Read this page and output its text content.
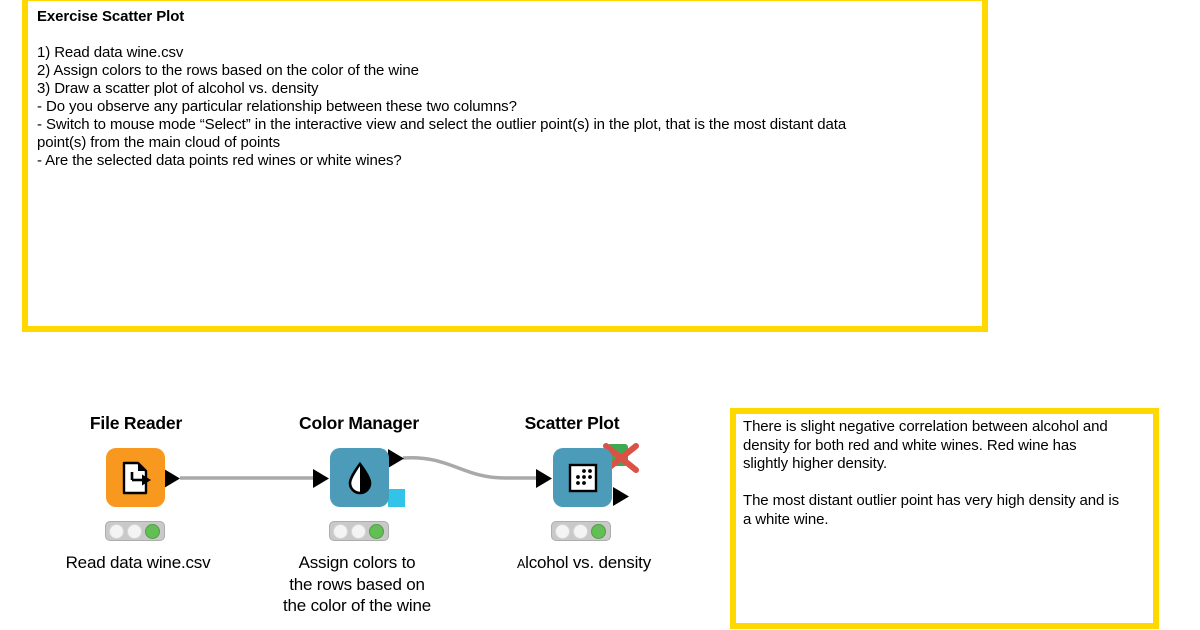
Exercise Scatter Plot
1) Read data wine.csv
2) Assign colors to the rows based on the color of the wine
3) Draw a scatter plot of alcohol vs. density
- Do you observe any particular relationship between these two columns?
- Switch to mouse mode “Select” in the interactive view and select the outlier point(s) in the plot, that is the most distant data
point(s) from the main cloud of points
- Are the selected data points red wines or white wines?
There is slight negative correlation between alcohol and
density for both red and white wines. Red wine has
slightly higher density.
The most distant outlier point has very high density and is
a white wine.
File Reader
Read data wine.csv
Color Manager
Assign colors to
the rows based on
the color of the wine
Scatter Plot
Alcohol vs. density
